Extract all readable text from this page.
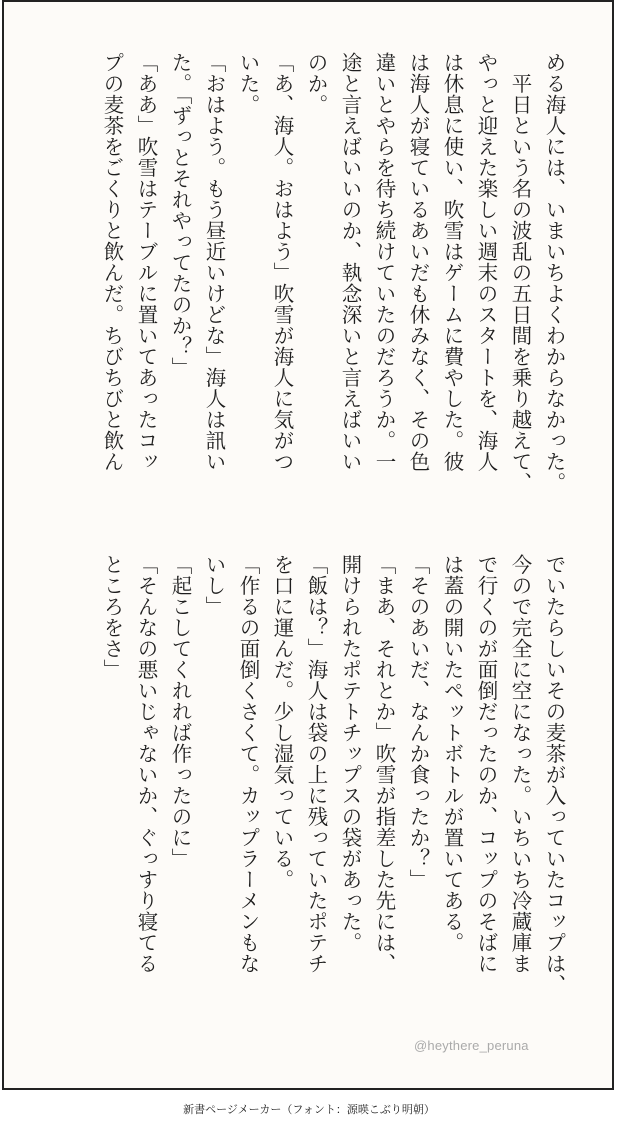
める海人には、いまいちよくわからなかった。
　平日という名の波乱の五日間を乗り越えて、
やっと迎えた楽しい週末のスタートを、海人
は休息に使い、吹雪はゲームに費やした。彼
は海人が寝ているあいだも休みなく、その色
違いとやらを待ち続けていたのだろうか。一
途と言えばいいのか、執念深いと言えばいい
のか。
「あ、海人。おはよう」吹雪が海人に気がつ
いた。
「おはよう。もう昼近いけどな」海人は訊い
た。「ずっとそれやってたのか？」
「ああ」吹雪はテーブルに置いてあったコッ
プの麦茶をごくりと飲んだ。ちびちびと飲ん
でいたらしいその麦茶が入っていたコップは、
今ので完全に空になった。いちいち冷蔵庫ま
で行くのが面倒だったのか、コップのそばに
は蓋の開いたペットボトルが置いてある。
「そのあいだ、なんか食ったか？」
「まあ、それとか」吹雪が指差した先には、
開けられたポテトチップスの袋があった。
「飯は？」海人は袋の上に残っていたポテチ
を口に運んだ。少し湿気っている。
「作るの面倒くさくて。カップラーメンもな
いし」
「起こしてくれれば作ったのに」
「そんなの悪いじゃないか、ぐっすり寝てる
ところをさ」
@heythere_peruna
新書ページメーカー（フォント：源暎こぶり明朝）
